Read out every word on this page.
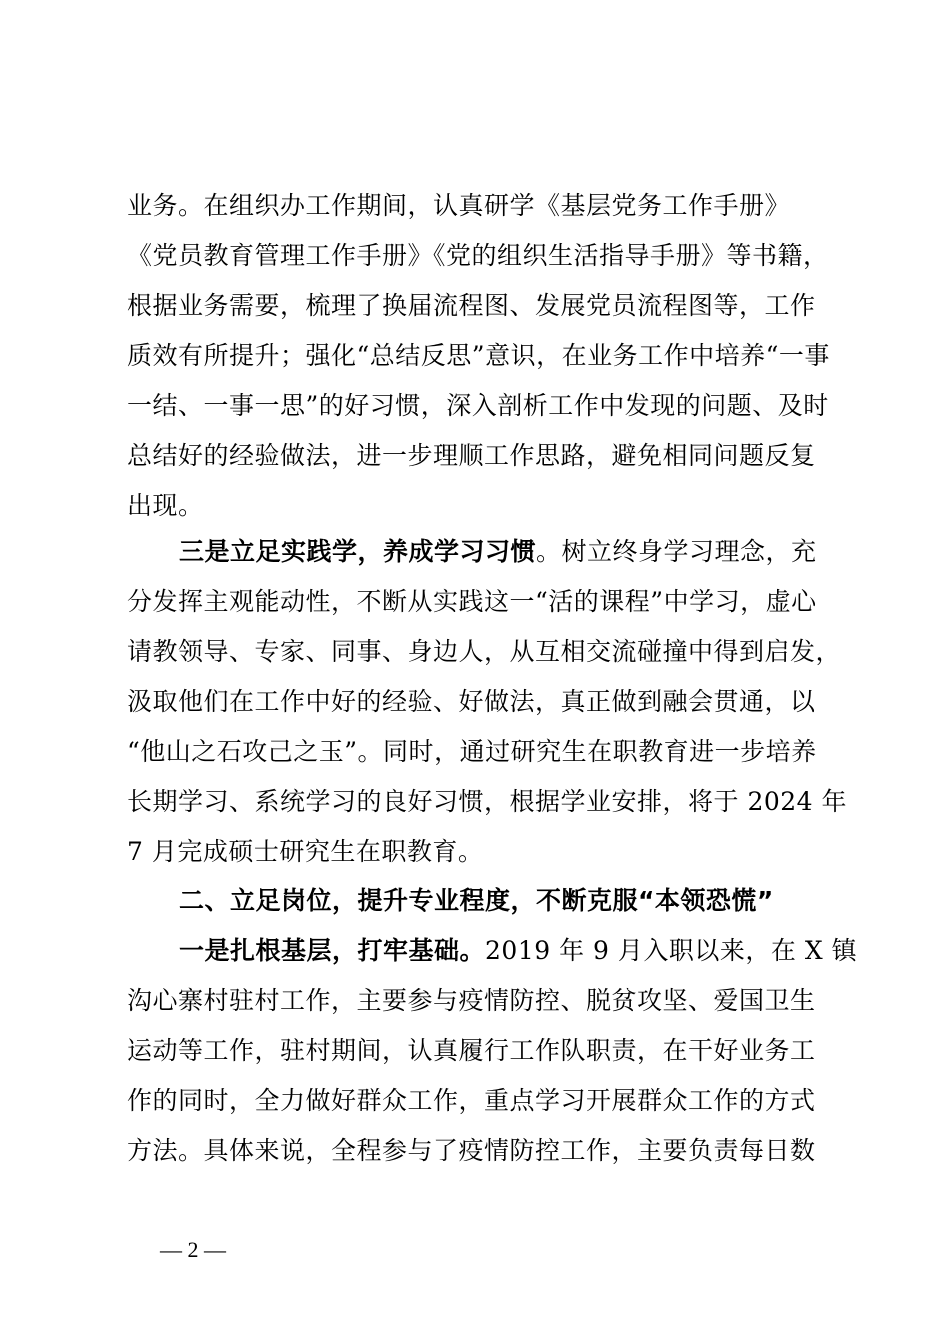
业务。在组织办工作期间，认真研学《基层党务工作手册》
《党员教育管理工作手册》《党的组织生活指导手册》等书籍，
根据业务需要，梳理了换届流程图、发展党员流程图等，工作
质效有所提升；强化“总结反思”意识，在业务工作中培养“一事
一结、一事一思”的好习惯，深入剖析工作中发现的问题、及时
总结好的经验做法，进一步理顺工作思路，避免相同问题反复
出现。
三是立足实践学，养成学习习惯。树立终身学习理念，充
分发挥主观能动性，不断从实践这一“活的课程”中学习，虚心
请教领导、专家、同事、身边人，从互相交流碰撞中得到启发，
汲取他们在工作中好的经验、好做法，真正做到融会贯通，以
“他山之石攻己之玉”。同时，通过研究生在职教育进一步培养
长期学习、系统学习的良好习惯，根据学业安排，将于 2024 年
7 月完成硕士研究生在职教育。
二、立足岗位，提升专业程度，不断克服“本领恐慌”
一是扎根基层，打牢基础。2019 年 9 月入职以来，在 X 镇
沟心寨村驻村工作，主要参与疫情防控、脱贫攻坚、爱国卫生
运动等工作，驻村期间，认真履行工作队职责，在干好业务工
作的同时，全力做好群众工作，重点学习开展群众工作的方式
方法。具体来说，全程参与了疫情防控工作，主要负责每日数
— 2 —
